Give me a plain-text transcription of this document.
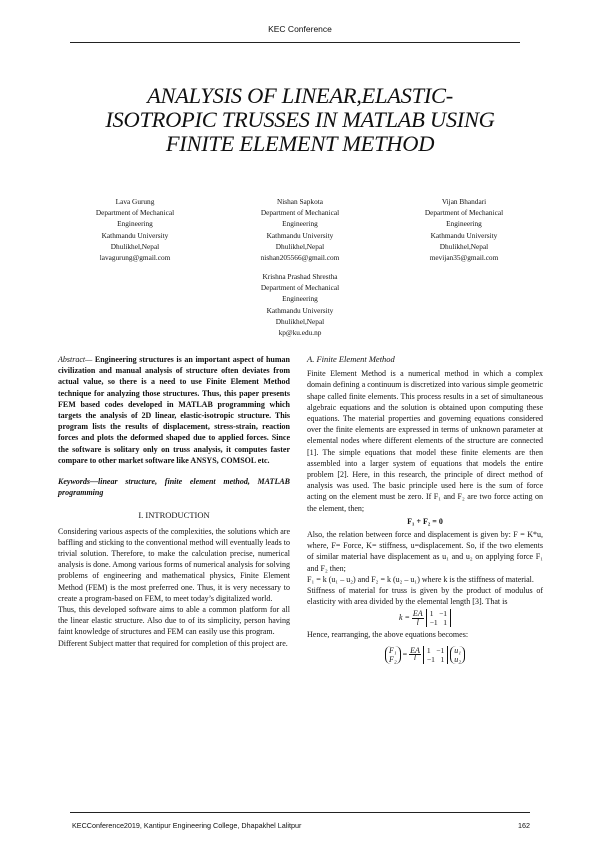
KEC Conference
ANALYSIS OF LINEAR,ELASTIC-
ISOTROPIC TRUSSES IN MATLAB USING
FINITE ELEMENT METHOD
Lava Gurung
Department of Mechanical
Engineering
Kathmandu University
Dhulikhel,Nepal
lavagurung@gmail.com
Nishan Sapkota
Department of Mechanical
Engineering
Kathmandu University
Dhulikhel,Nepal
nishan205566@gmail.com
Vijan Bhandari
Department of Mechanical
Engineering
Kathmandu University
Dhulikhel,Nepal
mevijan35@gmail.com
Krishna Prashad Shrestha
Department of Mechanical
Engineering
Kathmandu University
Dhulikhel,Nepal
kp@ku.edu.np

Abstract— Engineering structures is an important aspect of human civilization and manual analysis of structure often deviates from actual value, so there is a need to use Finite Element Method technique for analyzing those structures. Thus, this paper presents FEM based codes developed in MATLAB programming which targets the analysis of 2D linear, elastic-isotropic structure. This program lists the results of displacement, stress-strain, reaction forces and plots the deformed shaped due to applied forces. Since the software is solitary only on truss analysis, it computes faster compare to other market software like ANSYS, COMSOL etc.

Keywords—linear structure, finite element method, MATLAB programming

I. INTRODUCTION

Considering various aspects of the complexities, the solutions which are baffling and sticking to the conventional method will eventually leads to trivial solution. Therefore, to make the calculation precise, numerical analysis is done. Among various forms of numerical analysis for solving problems of engineering and mathematical physics, Finite Element Method (FEM) is the most preferred one. Thus, it is very necessary to create a program-based on FEM, to meet today’s digitalized world.

Thus, this developed software aims to able a common platform for all the linear elastic structure. Also due to of its simplicity, person having faint knowledge of structures and FEM can easily use this program.

Different Subject matter that required for completion of this project are.

A. Finite Element Method

Finite Element Method is a numerical method in which a complex domain defining a continuum is discretized into various simple geometric shape called finite elements. This process results in a set of simultaneous algebraic equations and the solution is obtained upon computing these equations. The material properties and governing equations considered over the finite elements are expressed in terms of unknown parameter at elemental nodes where different elements of the structure are connected [1]. The simple equations that model these finite elements are then assembled into a larger system of equations that models the entire problem [2]. Here, in this research, the principle of direct method of analysis was used. The basic principle used here is the sum of force acting on the element must be zero. If F₁ and F₂ are two force acting on the element, then;

F₁ + F₂ = 0

Also, the relation between force and displacement is given by: F = K*u, where, F= Force, K= stiffness, u=displacement. So, if the two elements of similar material have displacement as u₁ and u₂ on applying force F₁ and F₂ then;

F₁ = k (u₁ – u₂) and F₂ = k (u₂ – u₁) where k is the stiffness of material.

Stiffness of material for truss is given by the product of modulus of elasticity with area divided by the elemental length [3]. That is

$k = \frac{EA}{l} 1 -1$
−1 1

Hence, rearranging, the above equations becomes:

F₁
$F_2 = \frac{EA}{l} 1 -1$
−1 1 u₁
u₂
KECConference2019, Kantipur Engineering College, Dhapakhel Lalitpur	162
